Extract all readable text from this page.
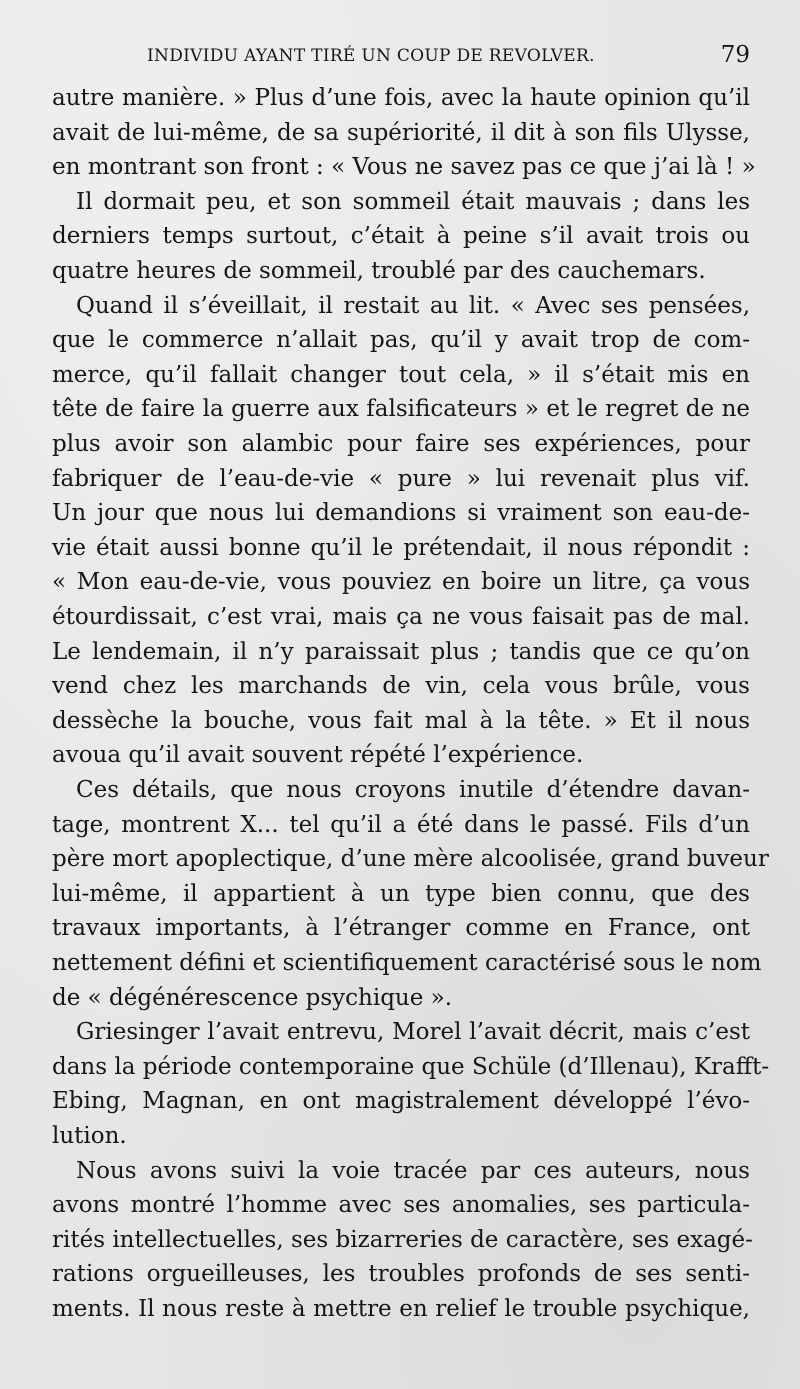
INDIVIDU AYANT TIRÉ UN COUP DE REVOLVER.	79
autre manière. » Plus d’une fois, avec la haute opinion qu’il
avait de lui-même, de sa supériorité, il dit à son fils Ulysse,
en montrant son front : « Vous ne savez pas ce que j’ai là ! »
Il dormait peu, et son sommeil était mauvais ; dans les
derniers temps surtout, c’était à peine s’il avait trois ou
quatre heures de sommeil, troublé par des cauchemars.
Quand il s’éveillait, il restait au lit. « Avec ses pensées,
que le commerce n’allait pas, qu’il y avait trop de com-
merce, qu’il fallait changer tout cela, » il s’était mis en
tête de faire la guerre aux falsificateurs » et le regret de ne
plus avoir son alambic pour faire ses expériences, pour
fabriquer de l’eau-de-vie « pure » lui revenait plus vif.
Un jour que nous lui demandions si vraiment son eau-de-
vie était aussi bonne qu’il le prétendait, il nous répondit :
« Mon eau-de-vie, vous pouviez en boire un litre, ça vous
étourdissait, c’est vrai, mais ça ne vous faisait pas de mal.
Le lendemain, il n’y paraissait plus ; tandis que ce qu’on
vend chez les marchands de vin, cela vous brûle, vous
dessèche la bouche, vous fait mal à la tête. » Et il nous
avoua qu’il avait souvent répété l’expérience.
Ces détails, que nous croyons inutile d’étendre davan-
tage, montrent X... tel qu’il a été dans le passé. Fils d’un
père mort apoplectique, d’une mère alcoolisée, grand buveur
lui-même, il appartient à un type bien connu, que des
travaux importants, à l’étranger comme en France, ont
nettement défini et scientifiquement caractérisé sous le nom
de « dégénérescence psychique ».
Griesinger l’avait entrevu, Morel l’avait décrit, mais c’est
dans la période contemporaine que Schüle (d’Illenau), Krafft-
Ebing, Magnan, en ont magistralement développé l’évo-
lution.
Nous avons suivi la voie tracée par ces auteurs, nous
avons montré l’homme avec ses anomalies, ses particula-
rités intellectuelles, ses bizarreries de caractère, ses exagé-
rations orgueilleuses, les troubles profonds de ses senti-
ments. Il nous reste à mettre en relief le trouble psychique,
